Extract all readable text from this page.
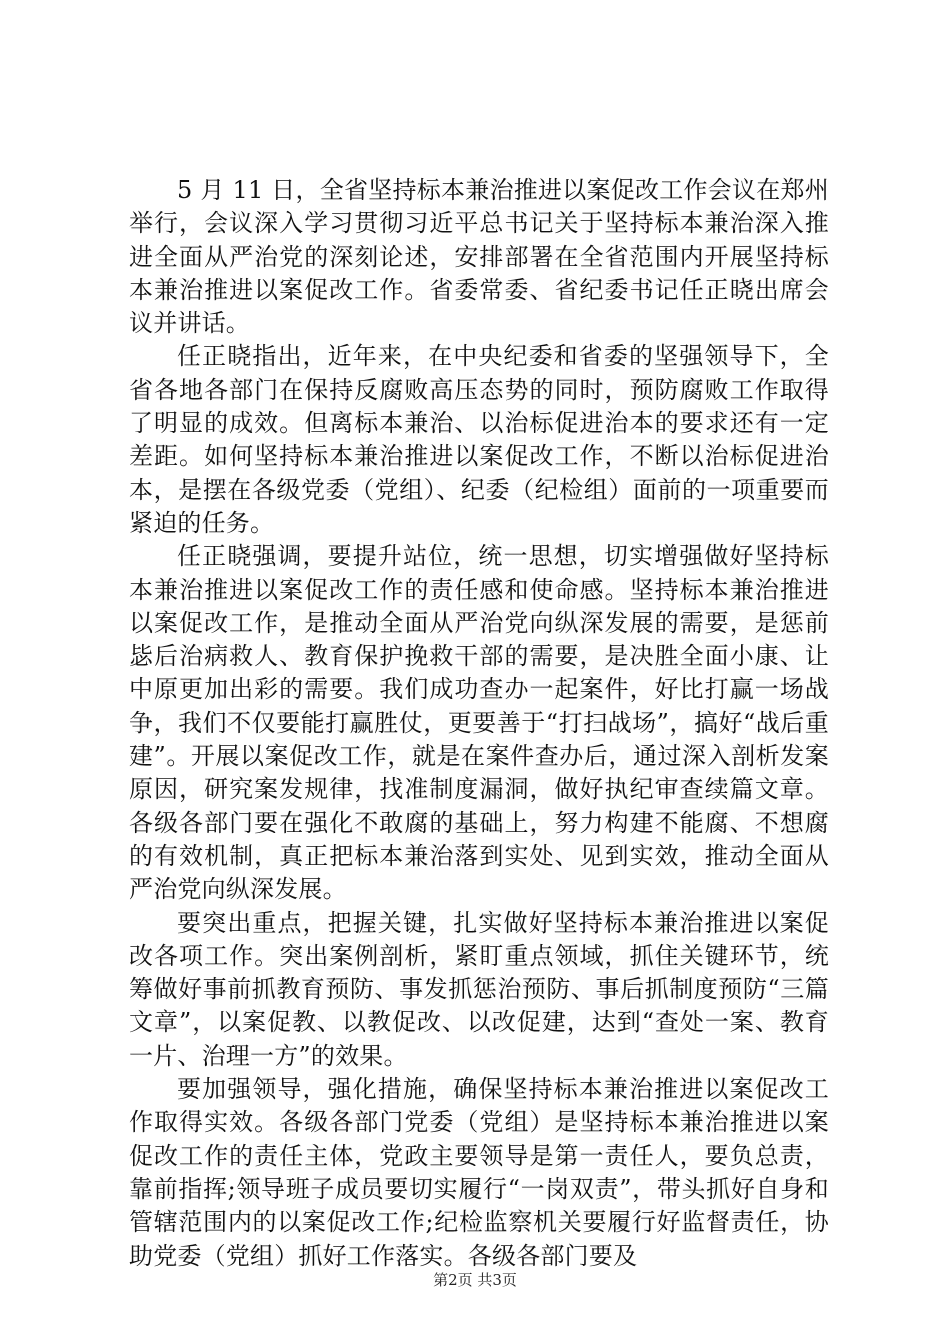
5 月 11 日，全省坚持标本兼治推进以案促改工作会议在郑州举行，会议深入学习贯彻习近平总书记关于坚持标本兼治深入推进全面从严治党的深刻论述，安排部署在全省范围内开展坚持标本兼治推进以案促改工作。省委常委、省纪委书记任正晓出席会议并讲话。

任正晓指出，近年来，在中央纪委和省委的坚强领导下，全省各地各部门在保持反腐败高压态势的同时，预防腐败工作取得了明显的成效。但离标本兼治、以治标促进治本的要求还有一定差距。如何坚持标本兼治推进以案促改工作，不断以治标促进治本，是摆在各级党委（党组）、纪委（纪检组）面前的一项重要而紧迫的任务。

任正晓强调，要提升站位，统一思想，切实增强做好坚持标本兼治推进以案促改工作的责任感和使命感。坚持标本兼治推进以案促改工作，是推动全面从严治党向纵深发展的需要，是惩前毖后治病救人、教育保护挽救干部的需要，是决胜全面小康、让中原更加出彩的需要。我们成功查办一起案件，好比打赢一场战争，我们不仅要能打赢胜仗，更要善于“打扫战场”，搞好“战后重建”。开展以案促改工作，就是在案件查办后，通过深入剖析发案原因，研究案发规律，找准制度漏洞，做好执纪审查续篇文章。各级各部门要在强化不敢腐的基础上，努力构建不能腐、不想腐的有效机制，真正把标本兼治落到实处、见到实效，推动全面从严治党向纵深发展。

要突出重点，把握关键，扎实做好坚持标本兼治推进以案促改各项工作。突出案例剖析，紧盯重点领域，抓住关键环节，统筹做好事前抓教育预防、事发抓惩治预防、事后抓制度预防“三篇文章”，以案促教、以教促改、以改促建，达到“查处一案、教育一片、治理一方”的效果。

要加强领导，强化措施，确保坚持标本兼治推进以案促改工作取得实效。各级各部门党委（党组）是坚持标本兼治推进以案促改工作的责任主体，党政主要领导是第一责任人，要负总责，靠前指挥;领导班子成员要切实履行“一岗双责”，带头抓好自身和管辖范围内的以案促改工作;纪检监察机关要履行好监督责任，协助党委（党组）抓好工作落实。各级各部门要及

第2页 共3页
